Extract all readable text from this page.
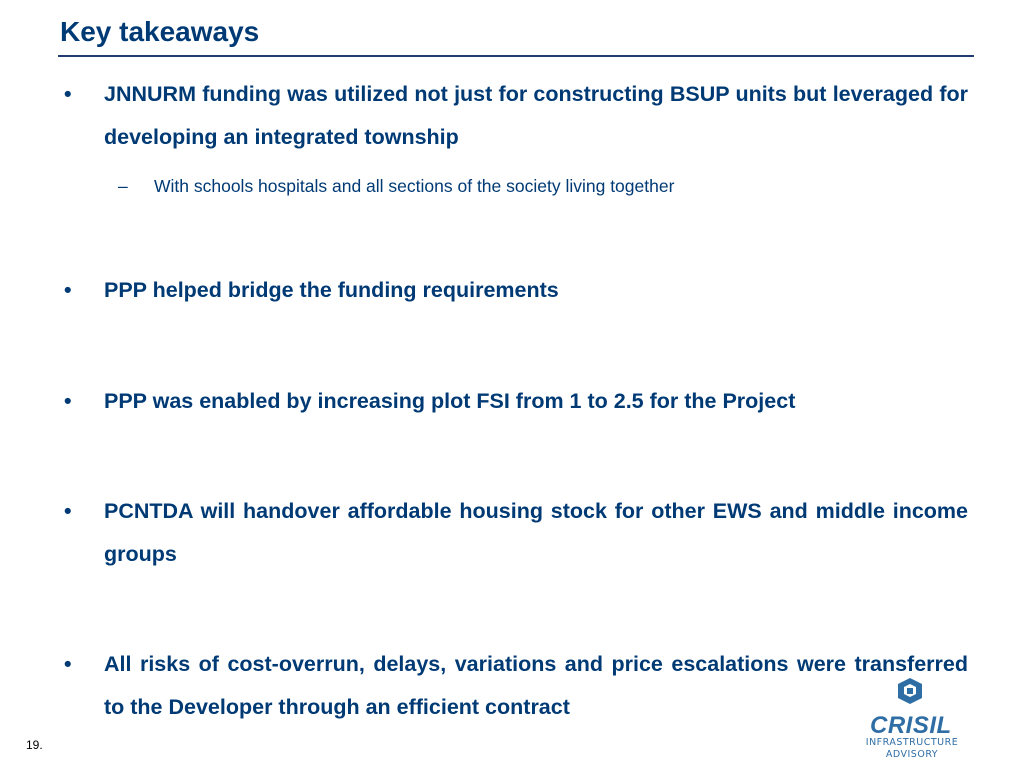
Key takeaways
•	JNNURM funding was utilized not just for constructing BSUP units but leveraged for developing an integrated township
–	With schools hospitals and all sections of the society living together
•	PPP helped bridge the funding requirements
•	PPP was enabled by increasing plot FSI from 1 to 2.5 for the Project
•	PCNTDA will handover affordable housing stock for other EWS and middle income groups
•	All risks of cost-overrun, delays, variations and price escalations were transferred to the Developer through an efficient contract
19.
CRISIL
INFRASTRUCTURE
ADVISORY
